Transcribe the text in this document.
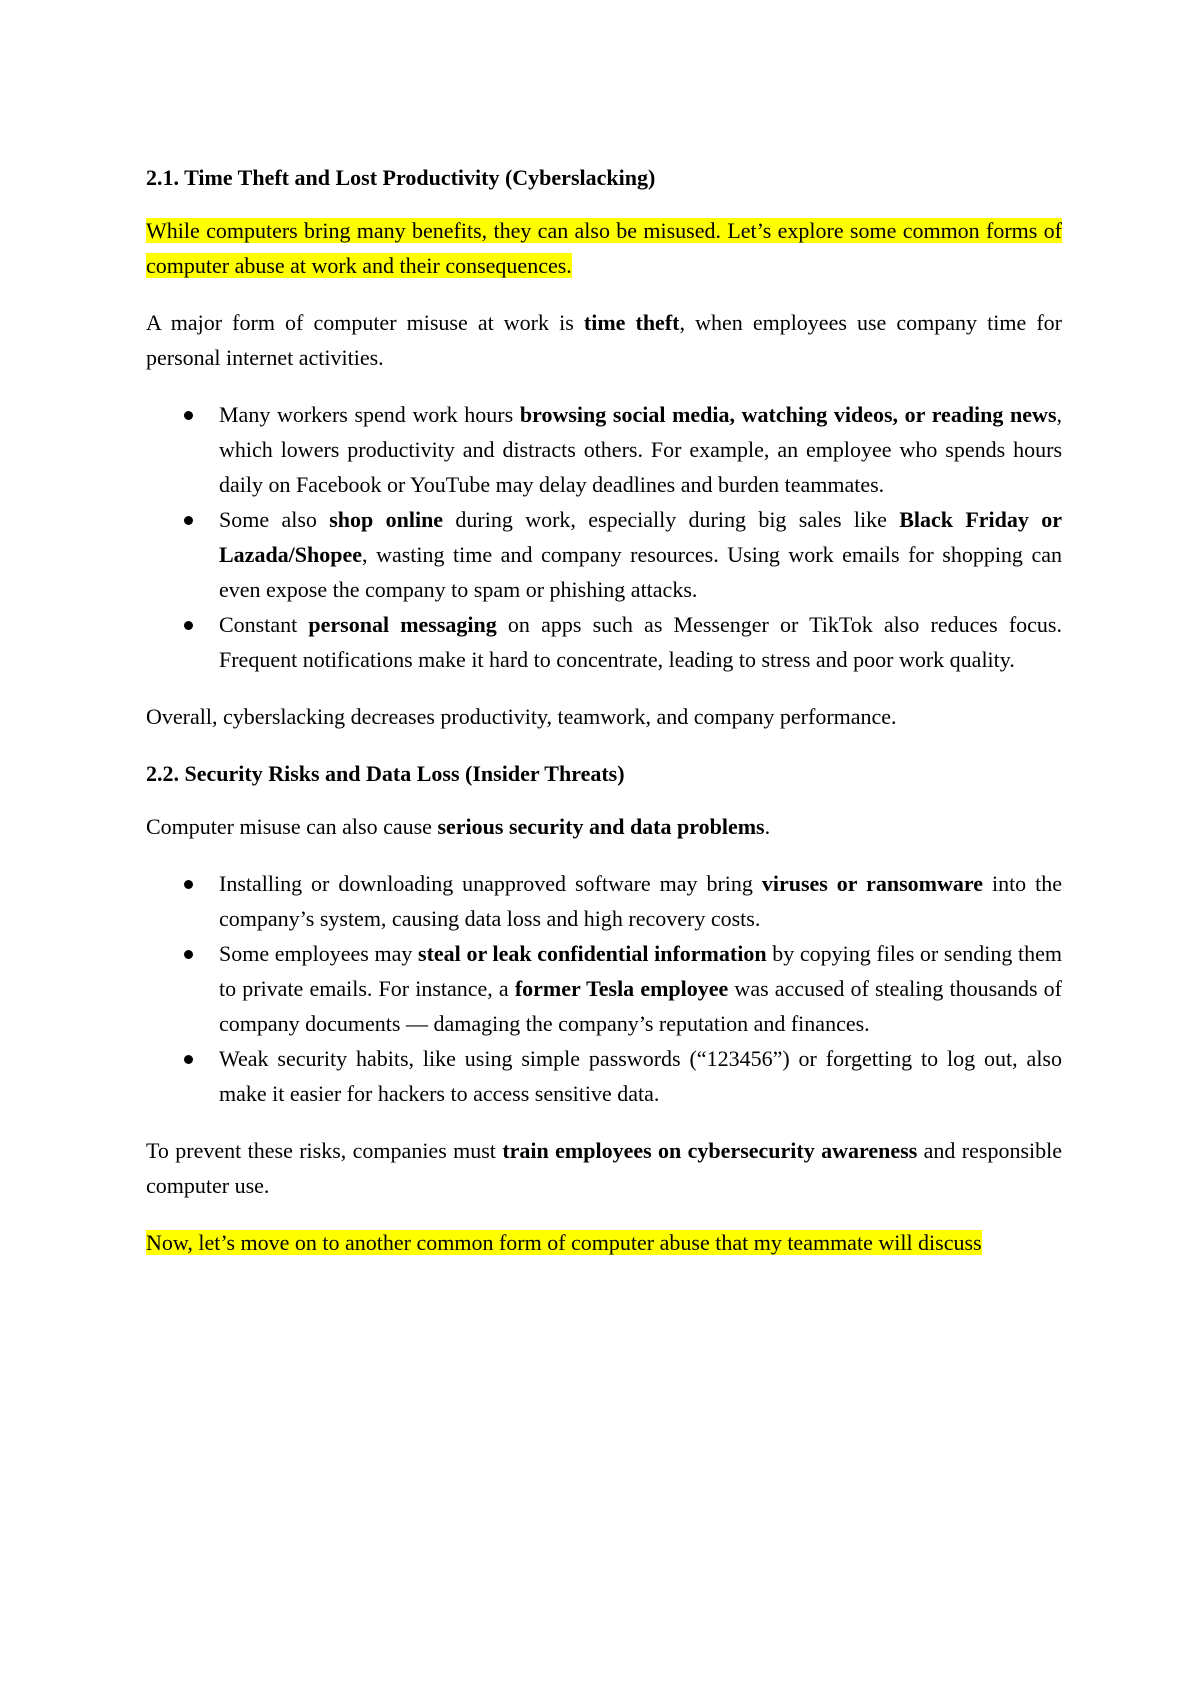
2.1. Time Theft and Lost Productivity (Cyberslacking)

While computers bring many benefits, they can also be misused. Let’s explore some common forms of computer abuse at work and their consequences.

A major form of computer misuse at work is time theft, when employees use company time for personal internet activities.

Many workers spend work hours browsing social media, watching videos, or reading news, which lowers productivity and distracts others. For example, an employee who spends hours daily on Facebook or YouTube may delay deadlines and burden teammates.
Some also shop online during work, especially during big sales like Black Friday or Lazada/Shopee, wasting time and company resources. Using work emails for shopping can even expose the company to spam or phishing attacks.
Constant personal messaging on apps such as Messenger or TikTok also reduces focus. Frequent notifications make it hard to concentrate, leading to stress and poor work quality.

Overall, cyberslacking decreases productivity, teamwork, and company performance.

2.2. Security Risks and Data Loss (Insider Threats)

Computer misuse can also cause serious security and data problems.

Installing or downloading unapproved software may bring viruses or ransomware into the company’s system, causing data loss and high recovery costs.
Some employees may steal or leak confidential information by copying files or sending them to private emails. For instance, a former Tesla employee was accused of stealing thousands of company documents — damaging the company’s reputation and finances.
Weak security habits, like using simple passwords (“123456”) or forgetting to log out, also make it easier for hackers to access sensitive data.

To prevent these risks, companies must train employees on cybersecurity awareness and responsible computer use.

Now, let’s move on to another common form of computer abuse that my teammate will discuss
